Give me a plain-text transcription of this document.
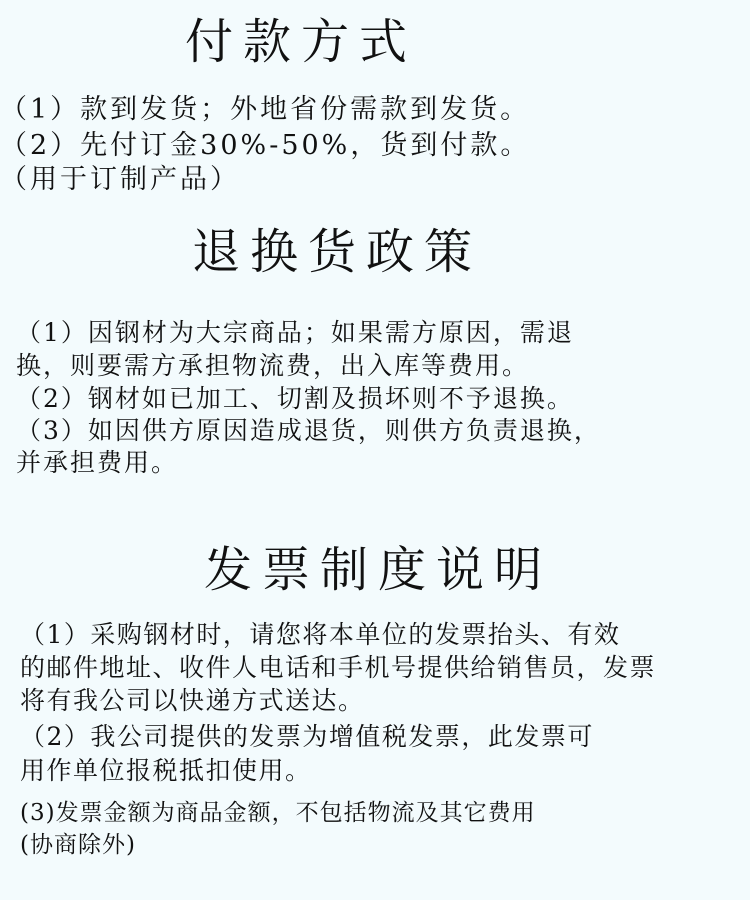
付款方式

（1）款到发货；外地省份需款到发货。

（2）先付订金30%-50%，货到付款。

（用于订制产品）

退换货政策

（1）因钢材为大宗商品；如果需方原因，需退

换，则要需方承担物流费，出入库等费用。

（2）钢材如已加工、切割及损坏则不予退换。

（3）如因供方原因造成退货，则供方负责退换，

并承担费用。

发票制度说明

（1）采购钢材时，请您将本单位的发票抬头、有效

的邮件地址、收件人电话和手机号提供给销售员，发票

将有我公司以快递方式送达。

（2）我公司提供的发票为增值税发票，此发票可

用作单位报税抵扣使用。

(3)发票金额为商品金额，不包括物流及其它费用

(协商除外)
